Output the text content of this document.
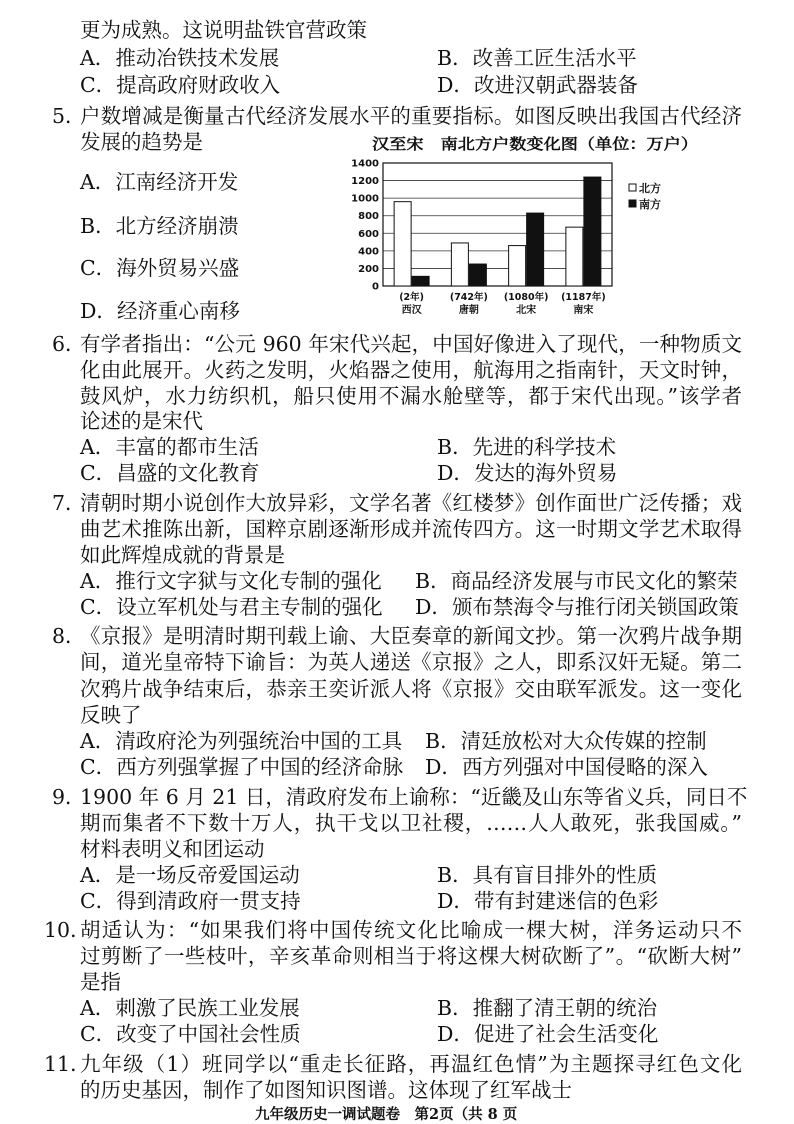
更为成熟。这说明盐铁官营政策
A．推动冶铁技术发展	B．改善工匠生活水平
C．提高政府财政收入	D．改进汉朝武器装备
5．
户数增减是衡量古代经济发展水平的重要指标。如图反映出我国古代经济
发展的趋势是
A．江南经济开发
B．北方经济崩溃
C．海外贸易兴盛
D．经济重心南移
汉至宋　南北方户数变化图（单位：万户）
0
200
400
600
800
1000
1200
1400
(2年)
西汉
(742年)
唐朝
(1080年)
北宋
(1187年)
南宋
北方
南方
6．
有学者指出：“公元 960 年宋代兴起，中国好像进入了现代，一种物质文
化由此展开。火药之发明，火焰器之使用，航海用之指南针，天文时钟，
鼓风炉，水力纺织机，船只使用不漏水舱壁等，都于宋代出现。”该学者
论述的是宋代
A．丰富的都市生活	B．先进的科学技术
C．昌盛的文化教育	D．发达的海外贸易
7．
清朝时期小说创作大放异彩，文学名著《红楼梦》创作面世广泛传播；戏
曲艺术推陈出新，国粹京剧逐渐形成并流传四方。这一时期文学艺术取得
如此辉煌成就的背景是
A．推行文字狱与文化专制的强化 B．商品经济发展与市民文化的繁荣
C．设立军机处与君主专制的强化 D．颁布禁海令与推行闭关锁国政策
8．
《京报》是明清时期刊载上谕、大臣奏章的新闻文抄。第一次鸦片战争期
间，道光皇帝特下谕旨：为英人递送《京报》之人，即系汉奸无疑。第二
次鸦片战争结束后，恭亲王奕䜣派人将《京报》交由联军派发。这一变化
反映了
A．清政府沦为列强统治中国的工具 B．清廷放松对大众传媒的控制
C．西方列强掌握了中国的经济命脉 D．西方列强对中国侵略的深入
9．
1900 年 6 月 21 日，清政府发布上谕称：“近畿及山东等省义兵，同日不
期而集者不下数十万人，执干戈以卫社稷，……人人敢死，张我国威。”
材料表明义和团运动
A．是一场反帝爱国运动	B．具有盲目排外的性质
C．得到清政府一贯支持	D．带有封建迷信的色彩
10．
胡适认为：“如果我们将中国传统文化比喻成一棵大树，洋务运动只不
过剪断了一些枝叶，辛亥革命则相当于将这棵大树砍断了”。“砍断大树”
是指
A．刺激了民族工业发展	B．推翻了清王朝的统治
C．改变了中国社会性质	D．促进了社会生活变化
11．
九年级（1）班同学以“重走长征路，再温红色情”为主题探寻红色文化
的历史基因，制作了如图知识图谱。这体现了红军战士
九年级历史一调试题卷　第2页（共 8 页
